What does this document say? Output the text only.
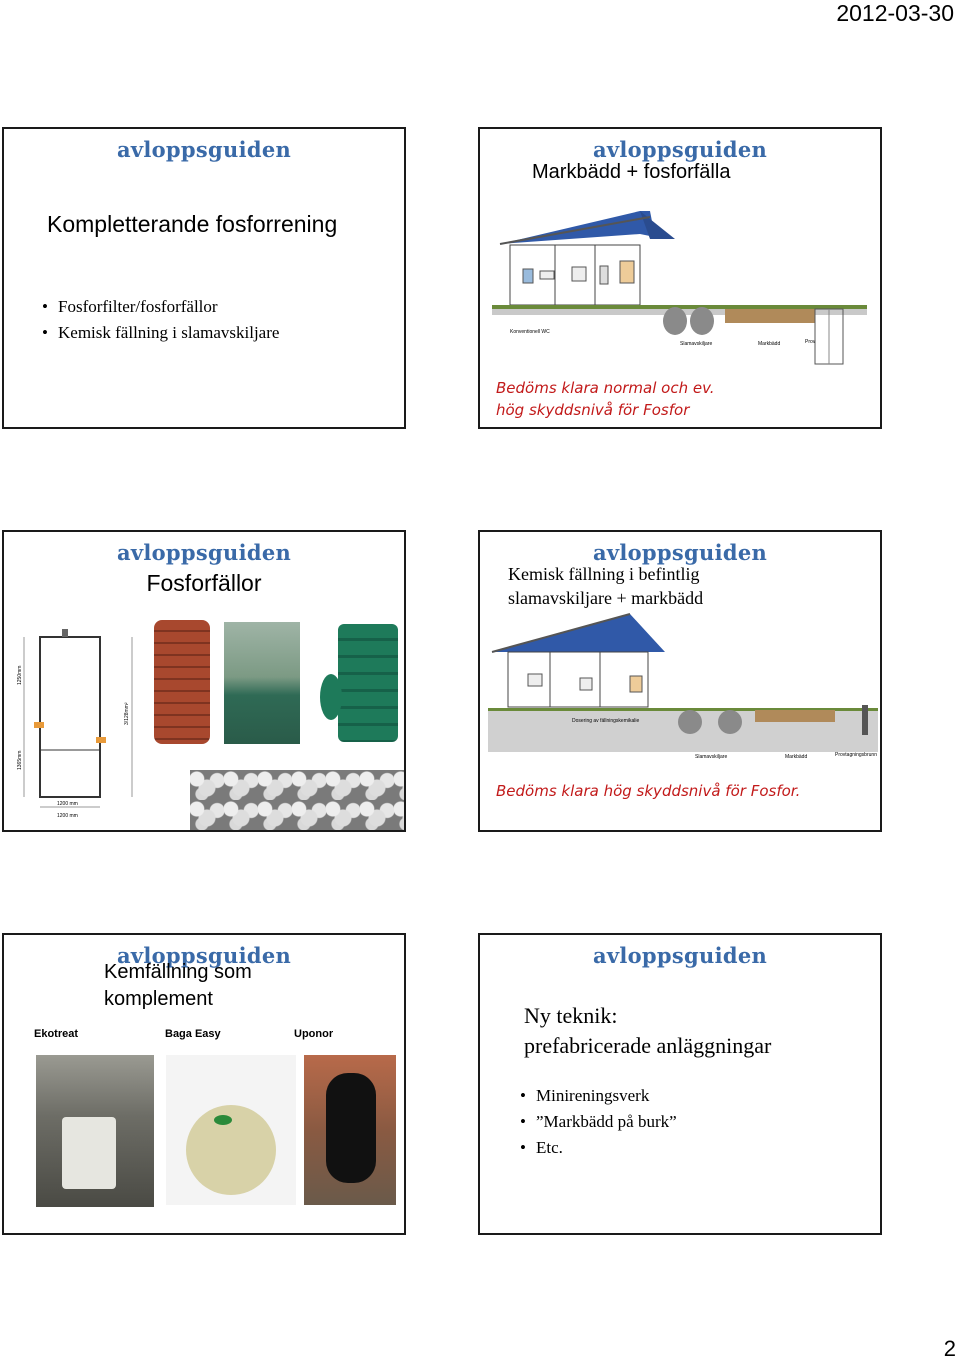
2012-03-30
avloppsguiden
Kompletterande fosforrening
• Fosforfilter/fosforfällor
• Kemisk fällning i slamavskiljare
avloppsguiden
Markbädd + fosforfälla
Konventionell WC
Slamavskiljare	Markbädd	Prov
Bedöms klara normal och ev.
hög skyddsnivå för Fosfor
avloppsguiden
Fosforfällor
1250mm
1365mm
3/128mm²
1200 mm
1200 mm
avloppsguiden
Kemisk fällning i befintlig
slamavskiljare + markbädd
Dosering av fällningskemikalie
Slamavskiljare	Markbädd	Provtagningsbrunn
Bedöms klara hög skyddsnivå för Fosfor.
avloppsguiden
Kemfällning som
komplement
Ekotreat	Baga Easy	Uponor
avloppsguiden
Ny teknik:
prefabricerade anläggningar
• Minireningsverk
• ”Markbädd på burk”
• Etc.
2
